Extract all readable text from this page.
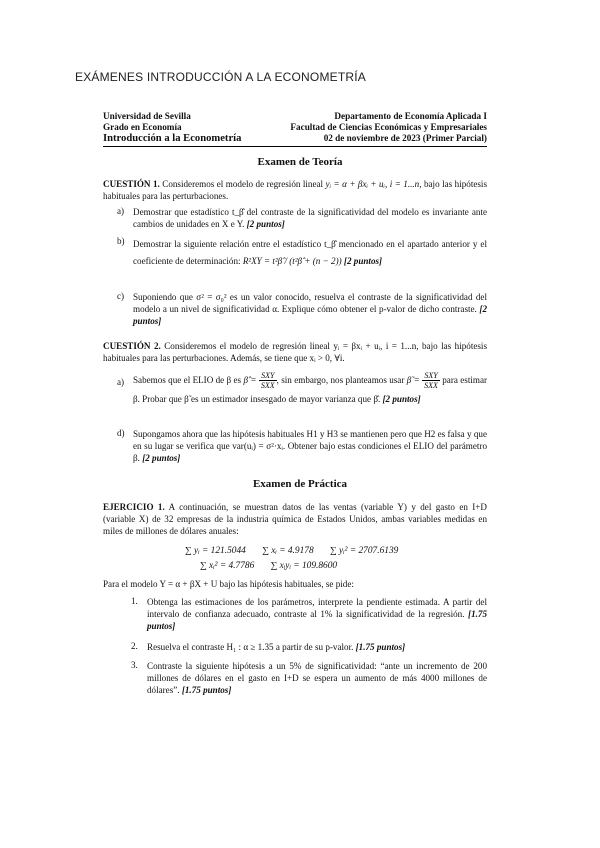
EXÁMENES INTRODUCCIÓN A LA ECONOMETRÍA
Universidad de Sevilla	Departamento de Economía Aplicada I
Grado en Economía	Facultad de Ciencias Económicas y Empresariales
Introducción a la Econometría	02 de noviembre de 2023 (Primer Parcial)
Examen de Teoría
CUESTIÓN 1. Consideremos el modelo de regresión lineal yᵢ = α + βxᵢ + uᵢ, i = 1...n, bajo las hipótesis habituales para las perturbaciones.
a) Demostrar que estadístico t_β̂ del contraste de la significatividad del modelo es invariante ante cambios de unidades en X e Y. [2 puntos]
b) Demostrar la siguiente relación entre el estadístico t_β̂ mencionado en el apartado anterior y el coeficiente de determinación: R²XY = t²β̂ / (t²β̂ + (n − 2)) [2 puntos]
c) Suponiendo que σ² = σ₀² es un valor conocido, resuelva el contraste de la significatividad del modelo a un nivel de significatividad α. Explique cómo obtener el p-valor de dicho contraste. [2 puntos]
CUESTIÓN 2. Consideremos el modelo de regresión lineal yᵢ = βxᵢ + uᵢ, i = 1...n, bajo las hipótesis habituales para las perturbaciones. Además, se tiene que xᵢ > 0, ∀i.
a) Sabemos que el ELIO de β es β̂ = $\frac{\text{SXY}}{\text{SXX}}$ , sin embargo, nos planteamos usar β̃ = $\frac{\text{SXY}}{\text{SXX}}$ para estimar β. Probar que β̃ es un estimador insesgado de mayor varianza que β̂. [2 puntos]
d) Supongamos ahora que las hipótesis habituales H1 y H3 se mantienen pero que H2 es falsa y que en su lugar se verifica que var(uᵢ) = σ²·xᵢ. Obtener bajo estas condiciones el ELIO del parámetro β. [2 puntos]
Examen de Práctica
EJERCICIO 1. A continuación, se muestran datos de las ventas (variable Y) y del gasto en I+D (variable X) de 32 empresas de la industria química de Estados Unidos, ambas variables medidas en miles de millones de dólares anuales:
∑ yᵢ = 121.5044 ∑ xᵢ = 4.9178 ∑ yᵢ² = 2707.6139
∑ xᵢ² = 4.7786 ∑ xᵢyᵢ = 109.8600
Para el modelo Y = α + βX + U bajo las hipótesis habituales, se pide:
1. Obtenga las estimaciones de los parámetros, interprete la pendiente estimada. A partir del intervalo de confianza adecuado, contraste al 1% la significatividad de la regresión. [1.75 puntos]
2. Resuelva el contraste H₁ : α ≥ 1.35 a partir de su p-valor. [1.75 puntos]
3. Contraste la siguiente hipótesis a un 5% de significatividad: “ante un incremento de 200 millones de dólares en el gasto en I+D se espera un aumento de más 4000 millones de dólares”. [1.75 puntos]
